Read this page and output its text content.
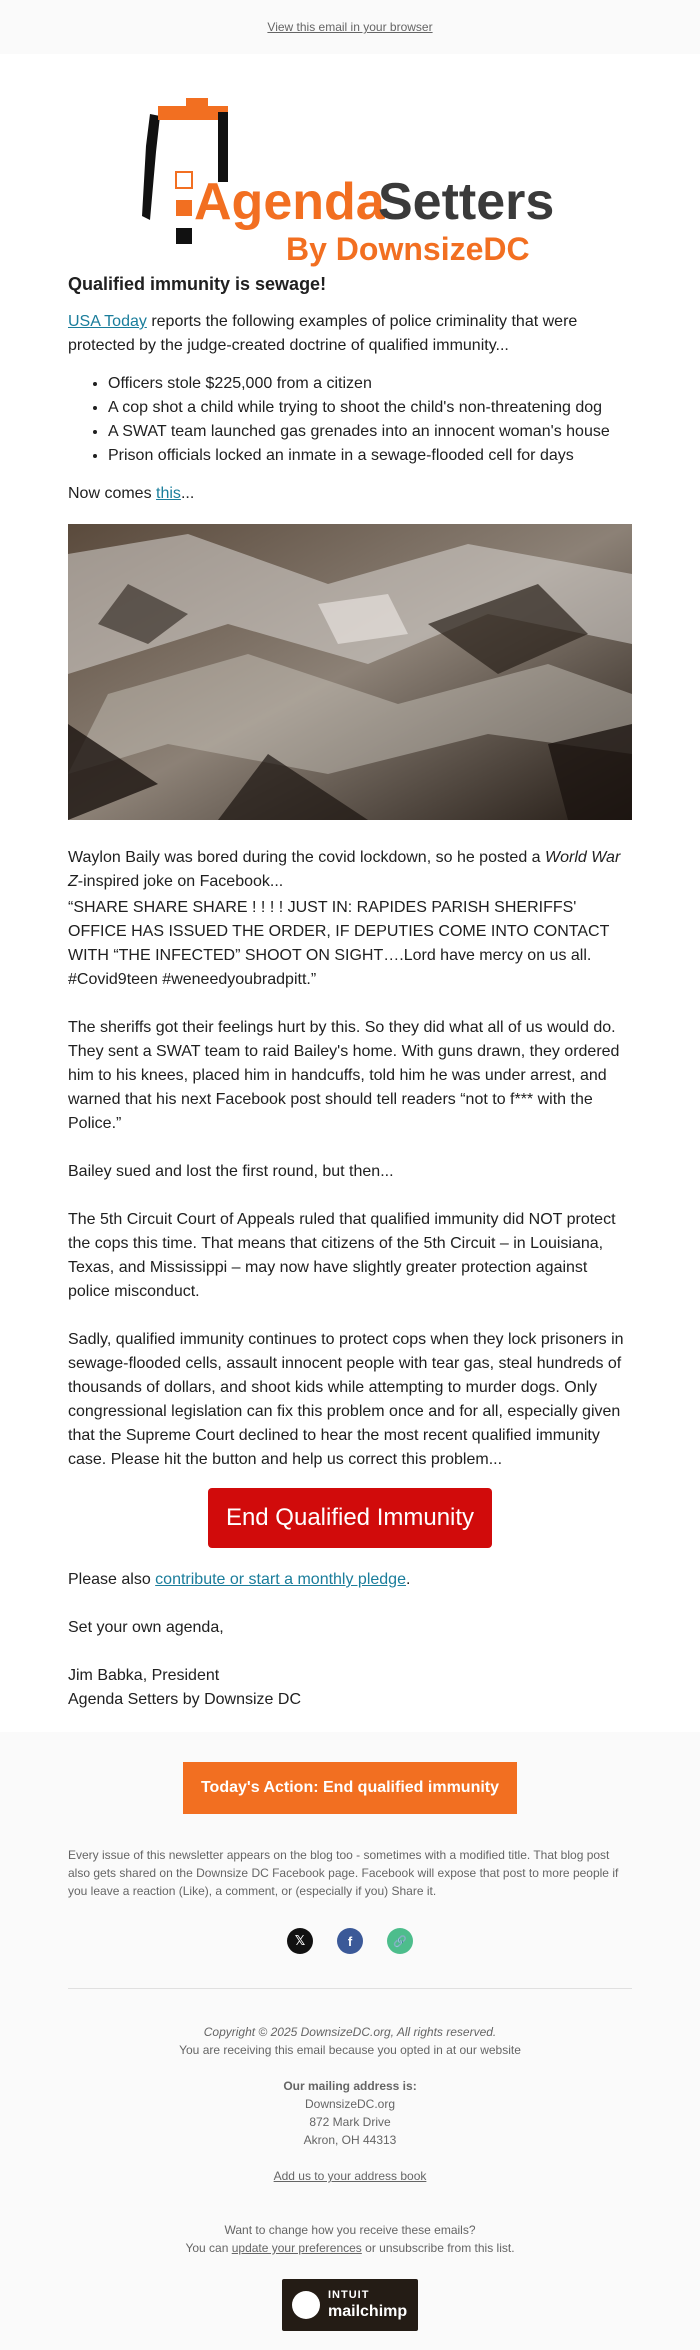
View this email in your browser
Agenda
Setters
By DownsizeDC
Qualified immunity is sewage!

USA Today reports the following examples of police criminality that were protected by the judge-created doctrine of qualified immunity...

• Officers stole $225,000 from a citizen
• A cop shot a child while trying to shoot the child's non-threatening dog
• A SWAT team launched gas grenades into an innocent woman's house
• Prison officials locked an inmate in a sewage-flooded cell for days

Now comes this...

Waylon Baily was bored during the covid lockdown, so he posted a World War Z-inspired joke on Facebook...

“SHARE SHARE SHARE ! ! ! ! JUST IN: RAPIDES PARISH SHERIFFS' OFFICE HAS ISSUED THE ORDER, IF DEPUTIES COME INTO CONTACT WITH “THE INFECTED” SHOOT ON SIGHT….Lord have mercy on us all. #Covid9teen #weneedyoubradpitt.”

The sheriffs got their feelings hurt by this. So they did what all of us would do. They sent a SWAT team to raid Bailey's home. With guns drawn, they ordered him to his knees, placed him in handcuffs, told him he was under arrest, and warned that his next Facebook post should tell readers “not to f*** with the Police.”

Bailey sued and lost the first round, but then...

The 5th Circuit Court of Appeals ruled that qualified immunity did NOT protect the cops this time. That means that citizens of the 5th Circuit – in Louisiana, Texas, and Mississippi – may now have slightly greater protection against police misconduct.

Sadly, qualified immunity continues to protect cops when they lock prisoners in sewage-flooded cells, assault innocent people with tear gas, steal hundreds of thousands of dollars, and shoot kids while attempting to murder dogs. Only congressional legislation can fix this problem once and for all, especially given that the Supreme Court declined to hear the most recent qualified immunity case. Please hit the button and help us correct this problem...

End Qualified Immunity

Please also contribute or start a monthly pledge.

Set your own agenda,

Jim Babka, President

Agenda Setters by Downsize DC

Today's Action: End qualified immunity

Every issue of this newsletter appears on the blog too - sometimes with a modified title. That blog post also gets shared on the Downsize DC Facebook page. Facebook will expose that post to more people if you leave a reaction (Like), a comment, or (especially if you) Share it.

𝕏	f	🔗

Copyright © 2025 DownsizeDC.org, All rights reserved.

You are receiving this email because you opted in at our website

Our mailing address is:

DownsizeDC.org

872 Mark Drive

Akron, OH 44313

Add us to your address book

Want to change how you receive these emails?

You can update your preferences or unsubscribe from this list.

INTUIT
mailchimp
